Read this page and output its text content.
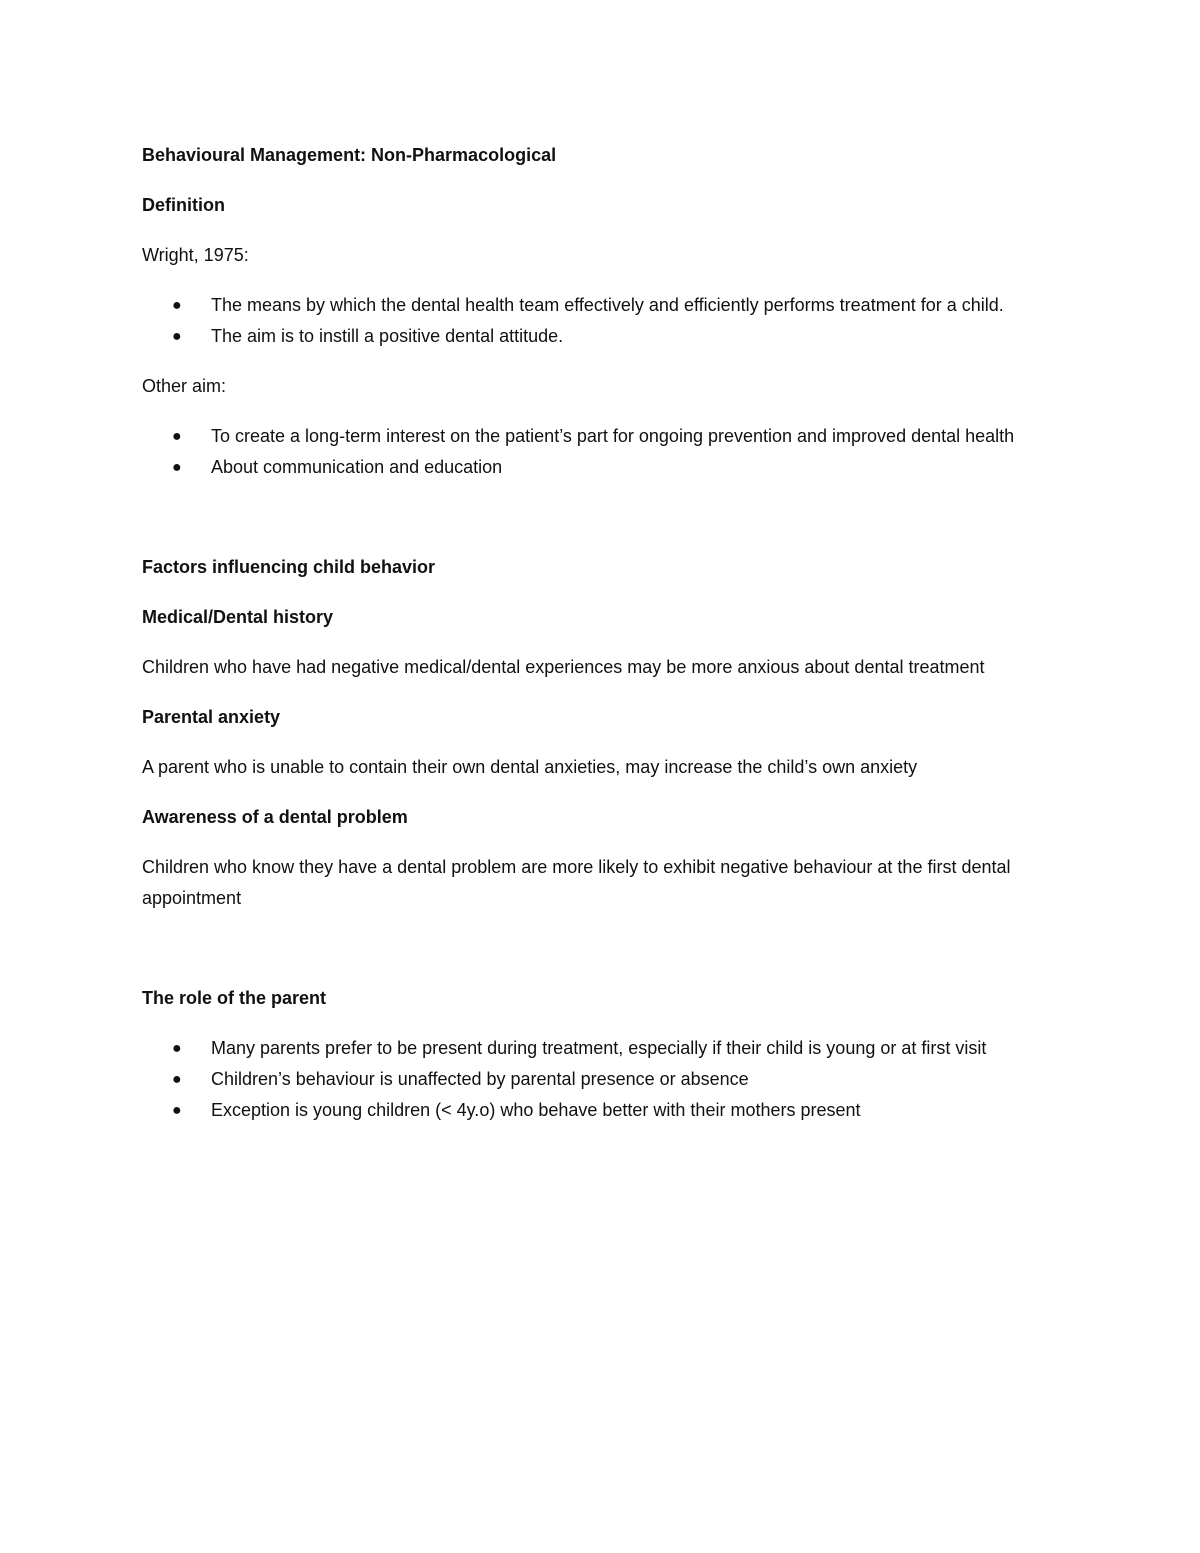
Behavioural Management: Non-Pharmacological

Definition

Wright, 1975:

● The means by which the dental health team effectively and efficiently performs treatment for a child.
● The aim is to instill a positive dental attitude.

Other aim:

● To create a long-term interest on the patient’s part for ongoing prevention and improved dental health
● About communication and education

Factors influencing child behavior

Medical/Dental history

Children who have had negative medical/dental experiences may be more anxious about dental treatment

Parental anxiety

A parent who is unable to contain their own dental anxieties, may increase the child’s own anxiety

Awareness of a dental problem

Children who know they have a dental problem are more likely to exhibit negative behaviour at the first dental appointment

The role of the parent

● Many parents prefer to be present during treatment, especially if their child is young or at first visit
● Children’s behaviour is unaffected by parental presence or absence
● Exception is young children (< 4y.o) who behave better with their mothers present
